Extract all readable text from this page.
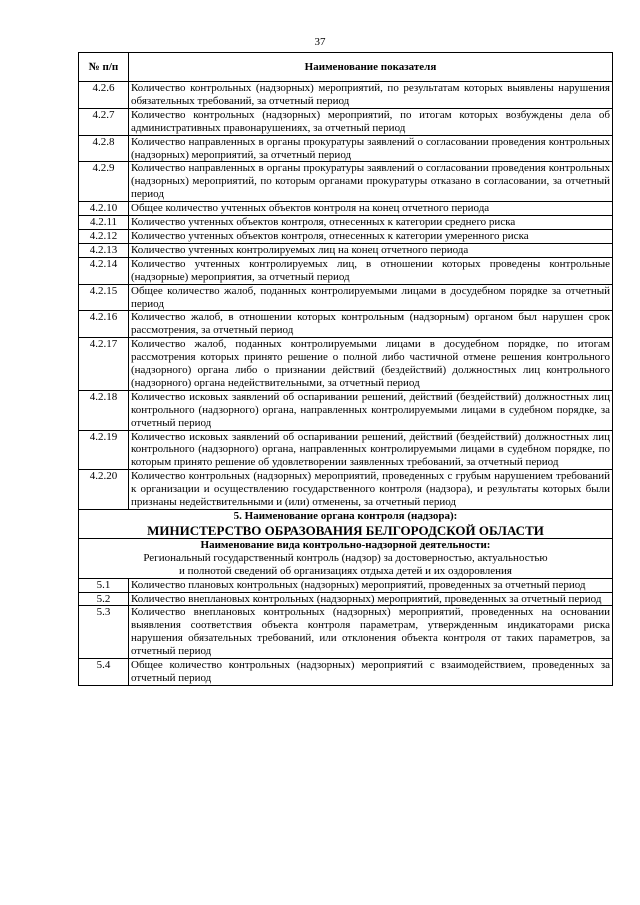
37
№ п/п	Наименование показателя
4.2.6	Количество контрольных (надзорных) мероприятий, по результатам которых выявлены нарушения обязательных требований, за отчетный период
4.2.7	Количество контрольных (надзорных) мероприятий, по итогам которых возбуждены дела об административных правонарушениях, за отчетный период
4.2.8	Количество направленных в органы прокуратуры заявлений о согласовании проведения контрольных (надзорных) мероприятий, за отчетный период
4.2.9	Количество направленных в органы прокуратуры заявлений о согласовании проведения контрольных (надзорных) мероприятий, по которым органами прокуратуры отказано в согласовании, за отчетный период
4.2.10	Общее количество учтенных объектов контроля на конец отчетного периода
4.2.11	Количество учтенных объектов контроля, отнесенных к категории среднего риска
4.2.12	Количество учтенных объектов контроля, отнесенных к категории умеренного риска
4.2.13	Количество учтенных контролируемых лиц на конец отчетного периода
4.2.14	Количество учтенных контролируемых лиц, в отношении которых проведены контрольные (надзорные) мероприятия, за отчетный период
4.2.15	Общее количество жалоб, поданных контролируемыми лицами в досудебном порядке за отчетный период
4.2.16	Количество жалоб, в отношении которых контрольным (надзорным) органом был нарушен срок рассмотрения, за отчетный период
4.2.17	Количество жалоб, поданных контролируемыми лицами в досудебном порядке, по итогам рассмотрения которых принято решение о полной либо частичной отмене решения контрольного (надзорного) органа либо о признании действий (бездействий) должностных лиц контрольного (надзорного) органа недействительными, за отчетный период
4.2.18	Количество исковых заявлений об оспаривании решений, действий (бездействий) должностных лиц контрольного (надзорного) органа, направленных контролируемыми лицами в судебном порядке, за отчетный период
4.2.19	Количество исковых заявлений об оспаривании решений, действий (бездействий) должностных лиц контрольного (надзорного) органа, направленных контролируемыми лицами в судебном порядке, по которым принято решение об удовлетворении заявленных требований, за отчетный период
4.2.20	Количество контрольных (надзорных) мероприятий, проведенных с грубым нарушением требований к организации и осуществлению государственного контроля (надзора), и результаты которых были признаны недействительными и (или) отменены, за отчетный период

5. Наименование органа контроля (надзора):
МИНИСТЕРСТВО ОБРАЗОВАНИЯ БЕЛГОРОДСКОЙ ОБЛАСТИ	

Наименование вида контрольно-надзорной деятельности:
Региональный государственный контроль (надзор) за достоверностью, актуальностью
и полнотой сведений об организациях отдыха детей и их оздоровления	

5.1	Количество плановых контрольных (надзорных) мероприятий, проведенных за отчетный период
5.2	Количество внеплановых контрольных (надзорных) мероприятий, проведенных за отчетный период
5.3	Количество внеплановых контрольных (надзорных) мероприятий, проведенных на основании выявления соответствия объекта контроля параметрам, утвержденным индикаторами риска нарушения обязательных требований, или отклонения объекта контроля от таких параметров, за отчетный период
5.4	Общее количество контрольных (надзорных) мероприятий с взаимодействием, проведенных за отчетный период
